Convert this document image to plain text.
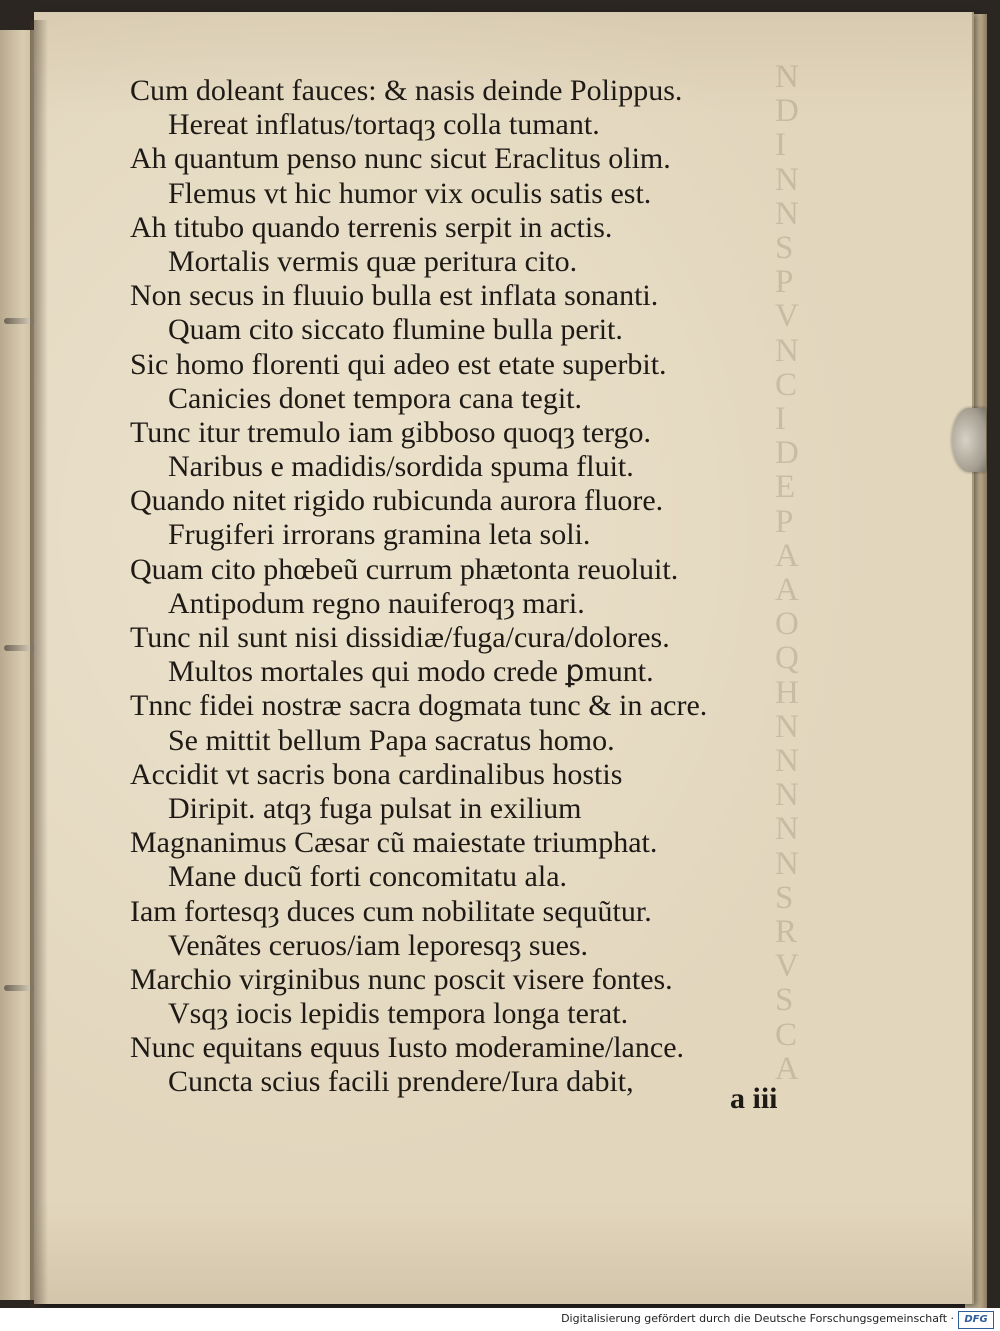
Cum doleant fauces: & nasis deinde Polippus.
Hereat inflatus/tortaqȝ colla tumant.
Ah quantum penso nunc sicut Eraclitus olim.
Flemus vt hic humor vix oculis satis est.
Ah titubo quando terrenis serpit in actis.
Mortalis vermis quæ peritura cito.
Non secus in fluuio bulla est inflata sonanti.
Quam cito siccato flumine bulla perit.
Sic homo florenti qui adeo est etate superbit.
Canicies donet tempora cana tegit.
Tunc itur tremulo iam gibboso quoqȝ tergo.
Naribus e madidis/sordida spuma fluit.
Quando nitet rigido rubicunda aurora fluore.
Frugiferi irrorans gramina leta soli.
Quam cito phœbeũ currum phætonta reuoluit.
Antipodum regno nauiferoqȝ mari.
Tunc nil sunt nisi dissidiæ/fuga/cura/dolores.
Multos mortales qui modo crede ꝑmunt.
Tnnc fidei nostræ sacra dogmata tunc & in acre.
Se mittit bellum Papa sacratus homo.
Accidit vt sacris bona cardinalibus hostis
Diripit. atqȝ fuga pulsat in exilium
Magnanimus Cæsar cũ maiestate triumphat.
Mane ducũ forti concomitatu ala.
Iam fortesqȝ duces cum nobilitate sequũtur.
Venãtes ceruos/iam leporesqȝ sues.
Marchio virginibus nunc poscit visere fontes.
Vsqȝ iocis lepidis tempora longa terat.
Nunc equitans equus Iusto moderamine/lance.
Cuncta scius facili prendere/Iura dabit,
a iii
Digitalisierung gefördert durch die Deutsche Forschungsgemeinschaft ·	DFG
